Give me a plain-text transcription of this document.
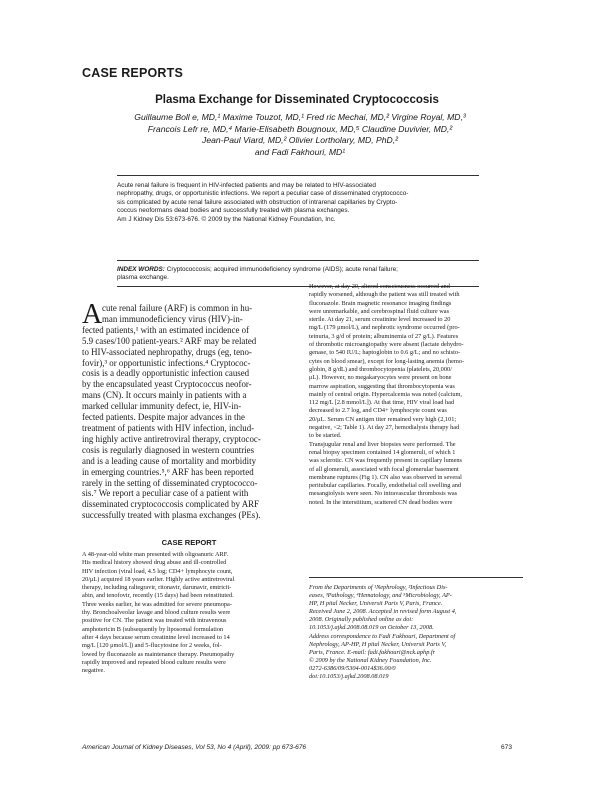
CASE REPORTS
Plasma Exchange for Disseminated Cryptococcosis
Guillaume Boll e, MD,¹ Maxime Touzot, MD,¹ Fred ric Mechai, MD,² Virgine Royal, MD,³
Francois Lefr re, MD,⁴ Marie-Elisabeth Bougnoux, MD,⁵ Claudine Duvivier, MD,²
Jean-Paul Viard, MD,² Olivier Lortholary, MD, PhD,²
and Fadi Fakhouri, MD¹
Acute renal failure is frequent in HIV-infected patients and may be related to HIV-associated
nephropathy, drugs, or opportunistic infections. We report a peculiar case of disseminated cryptococco-
sis complicated by acute renal failure associated with obstruction of intrarenal capillaries by Crypto-
coccus neoformans dead bodies and successfully treated with plasma exchanges.
Am J Kidney Dis 53:673-676. © 2009 by the National Kidney Foundation, Inc.
INDEX WORDS: Cryptococcosis; acquired immunodeficiency syndrome (AIDS); acute renal failure;
plasma exchange.
A cute renal failure (ARF) is common in hu-
man immunodeficiency virus (HIV)-in-
fected patients,¹ with an estimated incidence of
5.9 cases/100 patient-years.² ARF may be related
to HIV-associated nephropathy, drugs (eg, teno-
fovir),³ or opportunistic infections.⁴ Cryptococ-
cosis is a deadly opportunistic infection caused
by the encapsulated yeast Cryptococcus neofor-
mans (CN). It occurs mainly in patients with a
marked cellular immunity defect, ie, HIV-in-
fected patients. Despite major advances in the
treatment of patients with HIV infection, includ-
ing highly active antiretroviral therapy, cryptococ-
cosis is regularly diagnosed in western countries
and is a leading cause of mortality and morbidity
in emerging countries.⁵,⁶ ARF has been reported
rarely in the setting of disseminated cryptococco-
sis.⁷ We report a peculiar case of a patient with
disseminated cryptococcosis complicated by ARF
successfully treated with plasma exchanges (PEs).
CASE REPORT
A 48-year-old white man presented with oligoanuric ARF.
His medical history showed drug abuse and ill-controlled
HIV infection (viral load, 4.5 log; CD4+ lymphocyte count,
20/μL) acquired 18 years earlier. Highly active antiretroviral
therapy, including raltegravir, ritonavir, darunavir, emtricit-
abin, and tenofovir, recently (15 days) had been reinstituted.
Three weeks earlier, he was admitted for severe pneumopa-
thy. Bronchoalveolar lavage and blood culture results were
positive for CN. The patient was treated with intravenous
amphotericin B (subsequently by liposomal formulation
after 4 days because serum creatinine level increased to 14
mg/L [120 μmol/L]) and 5-flucytosine for 2 weeks, fol-
lowed by fluconazole as maintenance therapy. Pneumopathy
rapidly improved and repeated blood culture results were
negative.
However, at day 20, altered consciousness occurred and
rapidly worsened, although the patient was still treated with
fluconazole. Brain magnetic resonance imaging findings
were unremarkable, and cerebrospinal fluid culture was
sterile. At day 21, serum creatinine level increased to 20
mg/L (179 μmol/L), and nephrotic syndrome occurred (pro-
teinuria, 3 g/d of protein; albuminemia of 27 g/L). Features
of thrombotic microangiopathy were absent (lactate dehydro-
genase, to 540 IU/L; haptoglobin to 0.6 g/L; and no schisto-
cytes on blood smear), except for long-lasting anemia (hemo-
globin, 8 g/dL) and thrombocytopenia (platelets, 20,000/
μL). However, no megakaryocytes were present on bone
marrow aspiration, suggesting that thrombocytopenia was
mainly of central origin. Hypercalcemia was noted (calcium,
112 mg/L [2.8 mmol/L]). At that time, HIV viral load had
decreased to 2.7 log, and CD4+ lymphocyte count was
20/μL. Serum CN antigen titer remained very high (2,101;
negative, <2; Table 1). At day 27, hemodialysis therapy had
to be started.
Transjugular renal and liver biopsies were performed. The
renal biopsy specimen contained 14 glomeruli, of which 1
was sclerotic. CN was frequently present in capillary lumens
of all glomeruli, associated with focal glomerular basement
membrane ruptures (Fig 1). CN also was observed in several
peritubular capillaries. Focally, endothelial cell swelling and
mesangiolysis were seen. No intravascular thrombosis was
noted. In the interstitium, scattered CN dead bodies were
From the Departments of ¹Nephrology, ²Infectious Dis-
eases, ³Pathology, ⁴Hematology, and ⁵Microbiology, AP-
HP, H pital Necker, Universit Paris V, Paris, France.
Received June 2, 2008. Accepted in revised form August 4,
2008. Originally published online as doi:
10.1053/j.ajkd.2008.08.019 on October 13, 2008.
Address correspondence to Fadi Fakhouri, Department of
Nephrology, AP-HP, H pital Necker, Universit Paris V,
Paris, France. E-mail: fadi.fakhouri@nck.aphp.fr
© 2009 by the National Kidney Foundation, Inc.
0272-6386/09/5304-0014$36.00/0
doi:10.1053/j.ajkd.2008.08.019
American Journal of Kidney Diseases, Vol 53, No 4 (April), 2009: pp 673-676	673
